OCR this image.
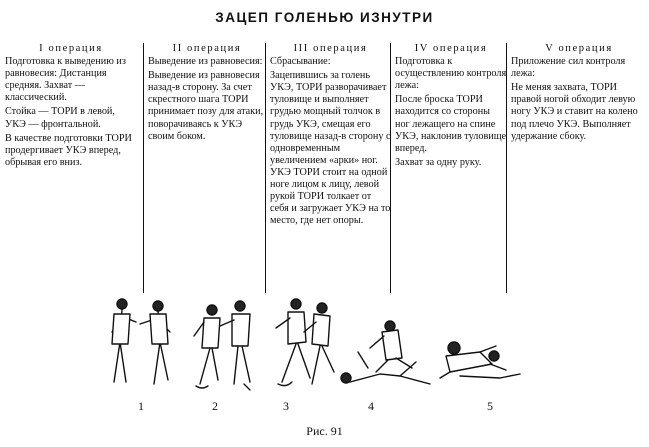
ЗАЦЕП ГОЛЕНЬЮ ИЗНУТРИ
I операция

Подготовка к выведению из равновесия: Дистанция средняя. Захват — классический.

Стойка — ТОРИ в левой, УКЭ — фронтальной.

В качестве подготовки ТОРИ продергивает УКЭ вперед, обрывая его вниз.

II операция

Выведение из равновесия:

Выведение из равновесия назад-в сторону. За счет скрестного шага ТОРИ принимает позу для атаки, поворачиваясь к УКЭ своим боком.

III операция

Сбрасывание:

Зацепившись за голень УКЭ, ТОРИ разворачивает туловище и выполняет грудью мощный толчок в грудь УКЭ, смещая его туловище назад-в сторону с одновременным увеличением «арки» ног. УКЭ ТОРИ стоит на одной ноге лицом к лицу, левой рукой ТОРИ толкает от себя и загружает УКЭ на то место, где нет опоры.

IV операция

Подготовка к осуществлению контроля лежа:

После броска ТОРИ находится со стороны ног лежащего на спине УКЭ, наклонив туловище вперед.

Захват за одну руку.

V операция

Приложение сил контроля лежа:

Не меняя захвата, ТОРИ правой ногой обходит левую ногу УКЭ и ставит на колено под плечо УКЭ. Выполняет удержание сбоку.

1	2	3	4	5
Рис. 91
